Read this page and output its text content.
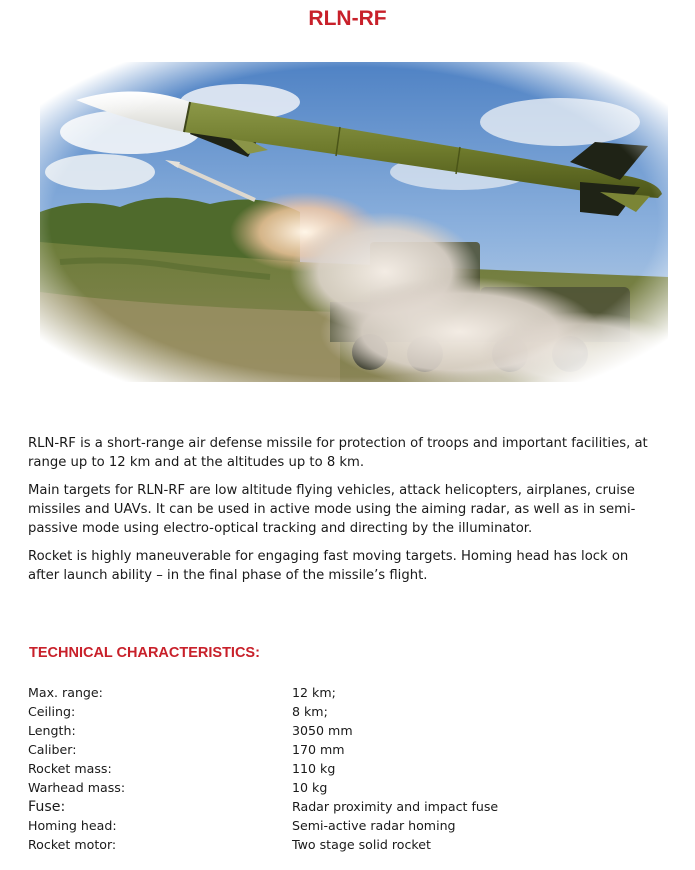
RLN-RF

RLN-RF is a short-range air defense missile for protection of troops and important facilities, at range up to 12 km and at the altitudes up to 8 km.

Main targets for RLN-RF are low altitude flying vehicles, attack helicopters, airplanes, cruise missiles and UAVs. It can be used in active mode using the aiming radar, as well as in semi-passive mode using electro-optical tracking and directing by the illuminator.

Rocket is highly maneuverable for engaging fast moving targets. Homing head has lock on after launch ability – in the final phase of the missile’s flight.

TECHNICAL CHARACTERISTICS:
Max. range:	12 km;
Ceiling:	8 km;
Length:	3050 mm
Caliber:	170 mm
Rocket mass:	110 kg
Warhead mass:	10 kg
Fuse:	Radar proximity and impact fuse
Homing head:	Semi-active radar homing
Rocket motor:	Two stage solid rocket
